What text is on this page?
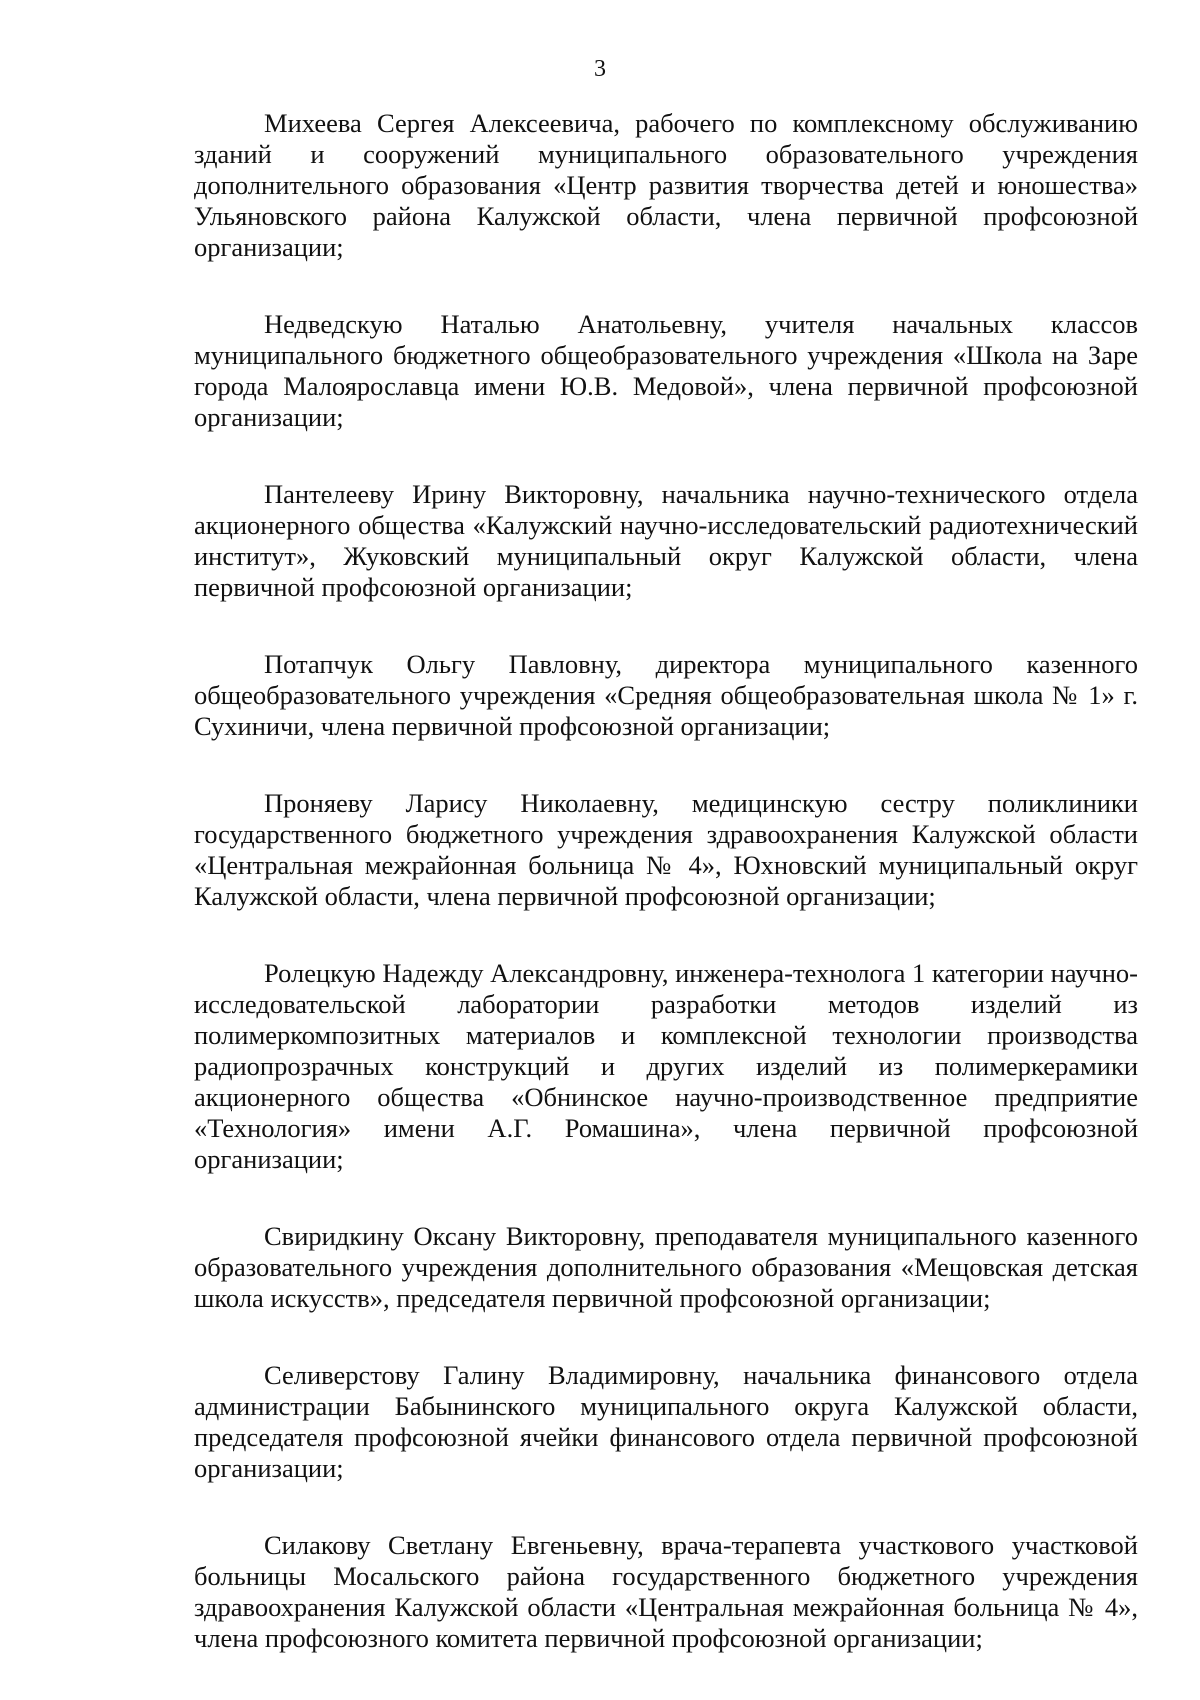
3

Михеева Сергея Алексеевича, рабочего по комплексному обслуживанию зданий и сооружений муниципального образовательного учреждения дополнительного образования «Центр развития творчества детей и юношества» Ульяновского района Калужской области, члена первичной профсоюзной организации;

Недведскую Наталью Анатольевну, учителя начальных классов муниципального бюджетного общеобразовательного учреждения «Школа на Заре города Малоярославца имени Ю.В. Медовой», члена первичной профсоюзной организации;

Пантелееву Ирину Викторовну, начальника научно-технического отдела акционерного общества «Калужский научно-исследовательский радиотехнический институт», Жуковский муниципальный округ Калужской области, члена первичной профсоюзной организации;

Потапчук Ольгу Павловну, директора муниципального казенного общеобразовательного учреждения «Средняя общеобразовательная школа № 1» г. Сухиничи, члена первичной профсоюзной организации;

Проняеву Ларису Николаевну, медицинскую сестру поликлиники государственного бюджетного учреждения здравоохранения Калужской области «Центральная межрайонная больница № 4», Юхновский муниципальный округ Калужской области, члена первичной профсоюзной организации;

Ролецкую Надежду Александровну, инженера-технолога 1 категории научно-исследовательской лаборатории разработки методов изделий из полимеркомпозитных материалов и комплексной технологии производства радиопрозрачных конструкций и других изделий из полимеркерамики акционерного общества «Обнинское научно-производственное предприятие «Технология» имени А.Г. Ромашина», члена первичной профсоюзной организации;

Свиридкину Оксану Викторовну, преподавателя муниципального казенного образовательного учреждения дополнительного образования «Мещовская детская школа искусств», председателя первичной профсоюзной организации;

Селиверстову Галину Владимировну, начальника финансового отдела администрации Бабынинского муниципального округа Калужской области, председателя профсоюзной ячейки финансового отдела первичной профсоюзной организации;

Силакову Светлану Евгеньевну, врача-терапевта участкового участковой больницы Мосальского района государственного бюджетного учреждения здравоохранения Калужской области «Центральная межрайонная больница № 4», члена профсоюзного комитета первичной профсоюзной организации;
